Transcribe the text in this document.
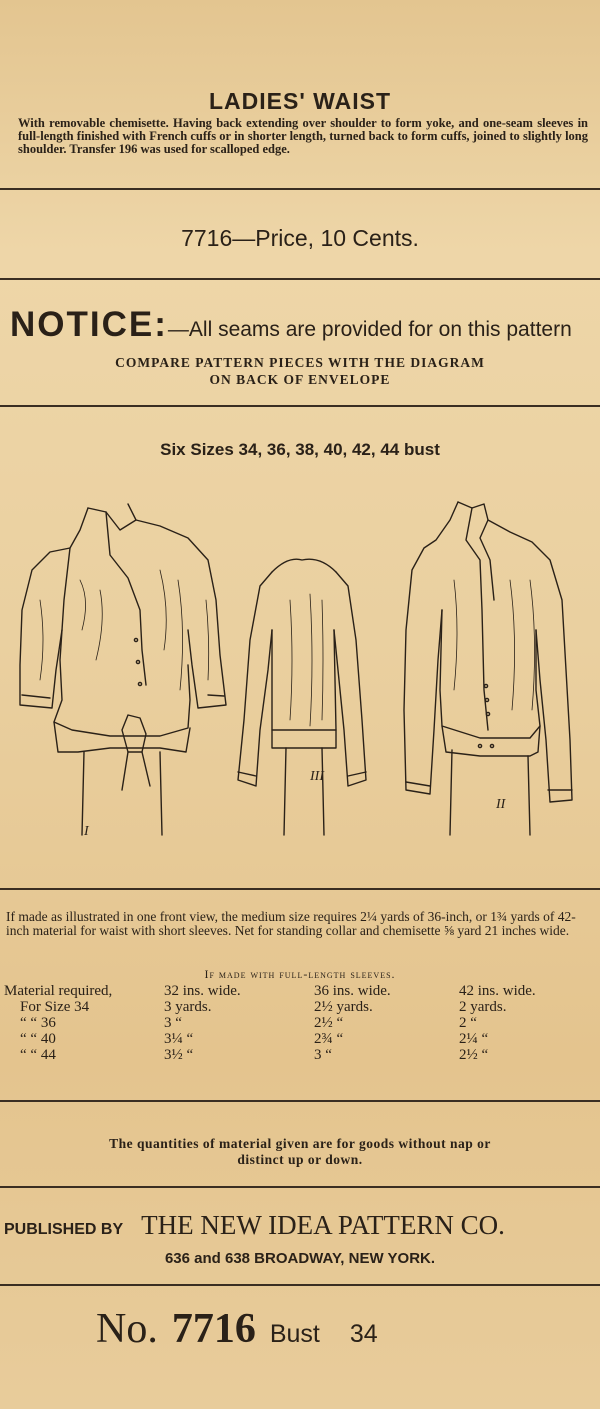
LADIES' WAIST
With removable chemisette. Having back extending over shoulder to form yoke, and one-seam sleeves in full-length finished with French cuffs or in shorter length, turned back to form cuffs, joined to slightly long shoulder. Transfer 196 was used for scalloped edge.
7716—Price, 10 Cents.
NOTICE:—All seams are provided for on this pattern
COMPARE PATTERN PIECES WITH THE DIAGRAM
ON BACK OF ENVELOPE
Six Sizes 34, 36, 38, 40, 42, 44 bust
I
III
II
If made as illustrated in one front view, the medium size requires 2¼ yards of 36-inch, or 1¾ yards of 42-inch material for waist with short sleeves. Net for standing collar and chemisette ⅝ yard 21 inches wide.
If made with full-length sleeves.
Material required,	32 ins. wide.	36 ins. wide.	42 ins. wide.
For Size 34	3 yards.	2½ yards.	2 yards.
“ “ 36	3 “	2½ “	2 “
“ “ 40	3¼ “	2¾ “	2¼ “
“ “ 44	3½ “	3 “	2½ “
The quantities of material given are for goods without nap or
distinct up or down.
PUBLISHED BY THE NEW IDEA PATTERN CO.
636 and 638 BROADWAY, NEW YORK.
No. 7716 Bust 34
